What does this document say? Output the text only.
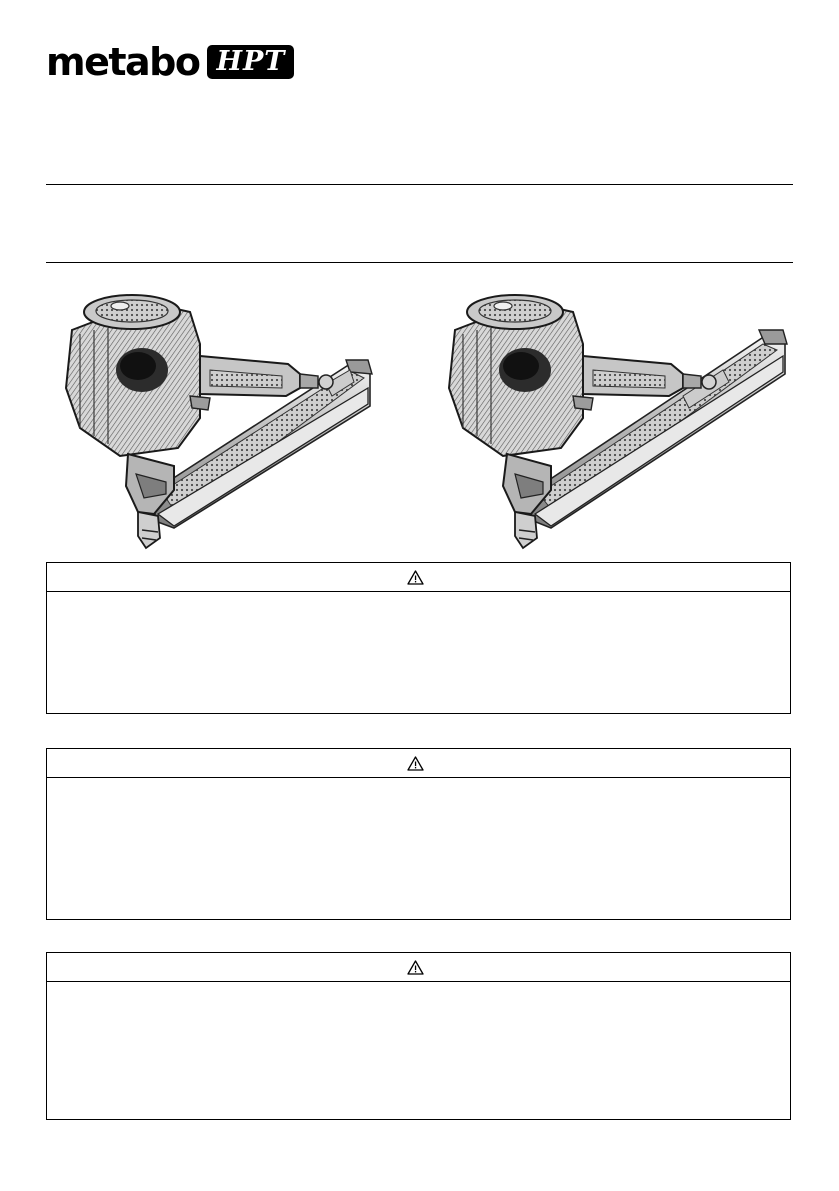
metabo HPT
